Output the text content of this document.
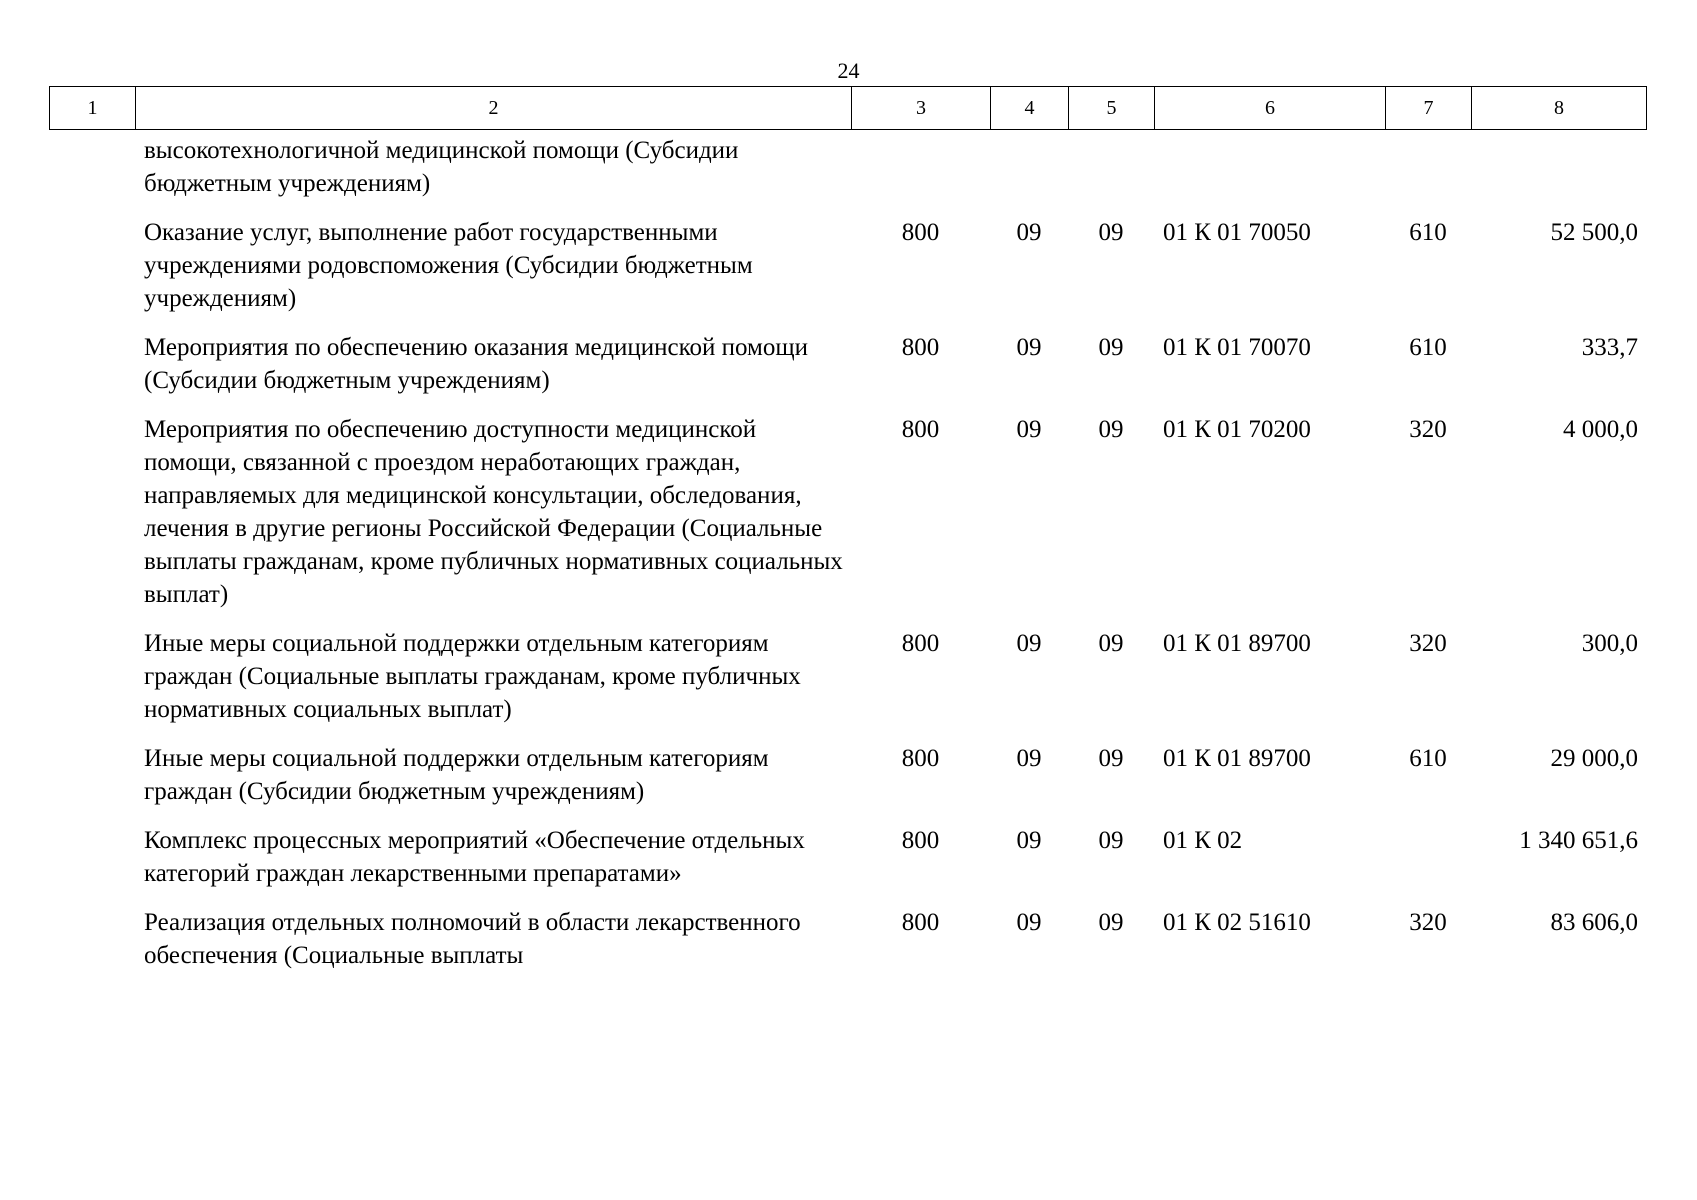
24
1	2	3	4	5	6	7	8
	высокотехнологичной медицинской помощи (Субсидии бюджетным учреждениям)						
	Оказание услуг, выполнение работ государственными учреждениями родовспоможения (Субсидии бюджетным учреждениям)	800	09	09	01 К 01 70050	610	52 500,0
	Мероприятия по обеспечению оказания медицинской помощи (Субсидии бюджетным учреждениям)	800	09	09	01 К 01 70070	610	333,7
	Мероприятия по обеспечению доступности медицинской помощи, связанной с проездом неработающих граждан, направляемых для медицинской консультации, обследования, лечения в другие регионы Российской Федерации (Социальные выплаты гражданам, кроме публичных нормативных социальных выплат)	800	09	09	01 К 01 70200	320	4 000,0
	Иные меры социальной поддержки отдельным категориям граждан (Социальные выплаты гражданам, кроме публичных нормативных социальных выплат)	800	09	09	01 К 01 89700	320	300,0
	Иные меры социальной поддержки отдельным категориям граждан (Субсидии бюджетным учреждениям)	800	09	09	01 К 01 89700	610	29 000,0
	Комплекс процессных мероприятий «Обеспечение отдельных категорий граждан лекарственными препаратами»	800	09	09	01 К 02		1 340 651,6
	Реализация отдельных полномочий в области лекарственного обеспечения (Социальные выплаты	800	09	09	01 К 02 51610	320	83 606,0
